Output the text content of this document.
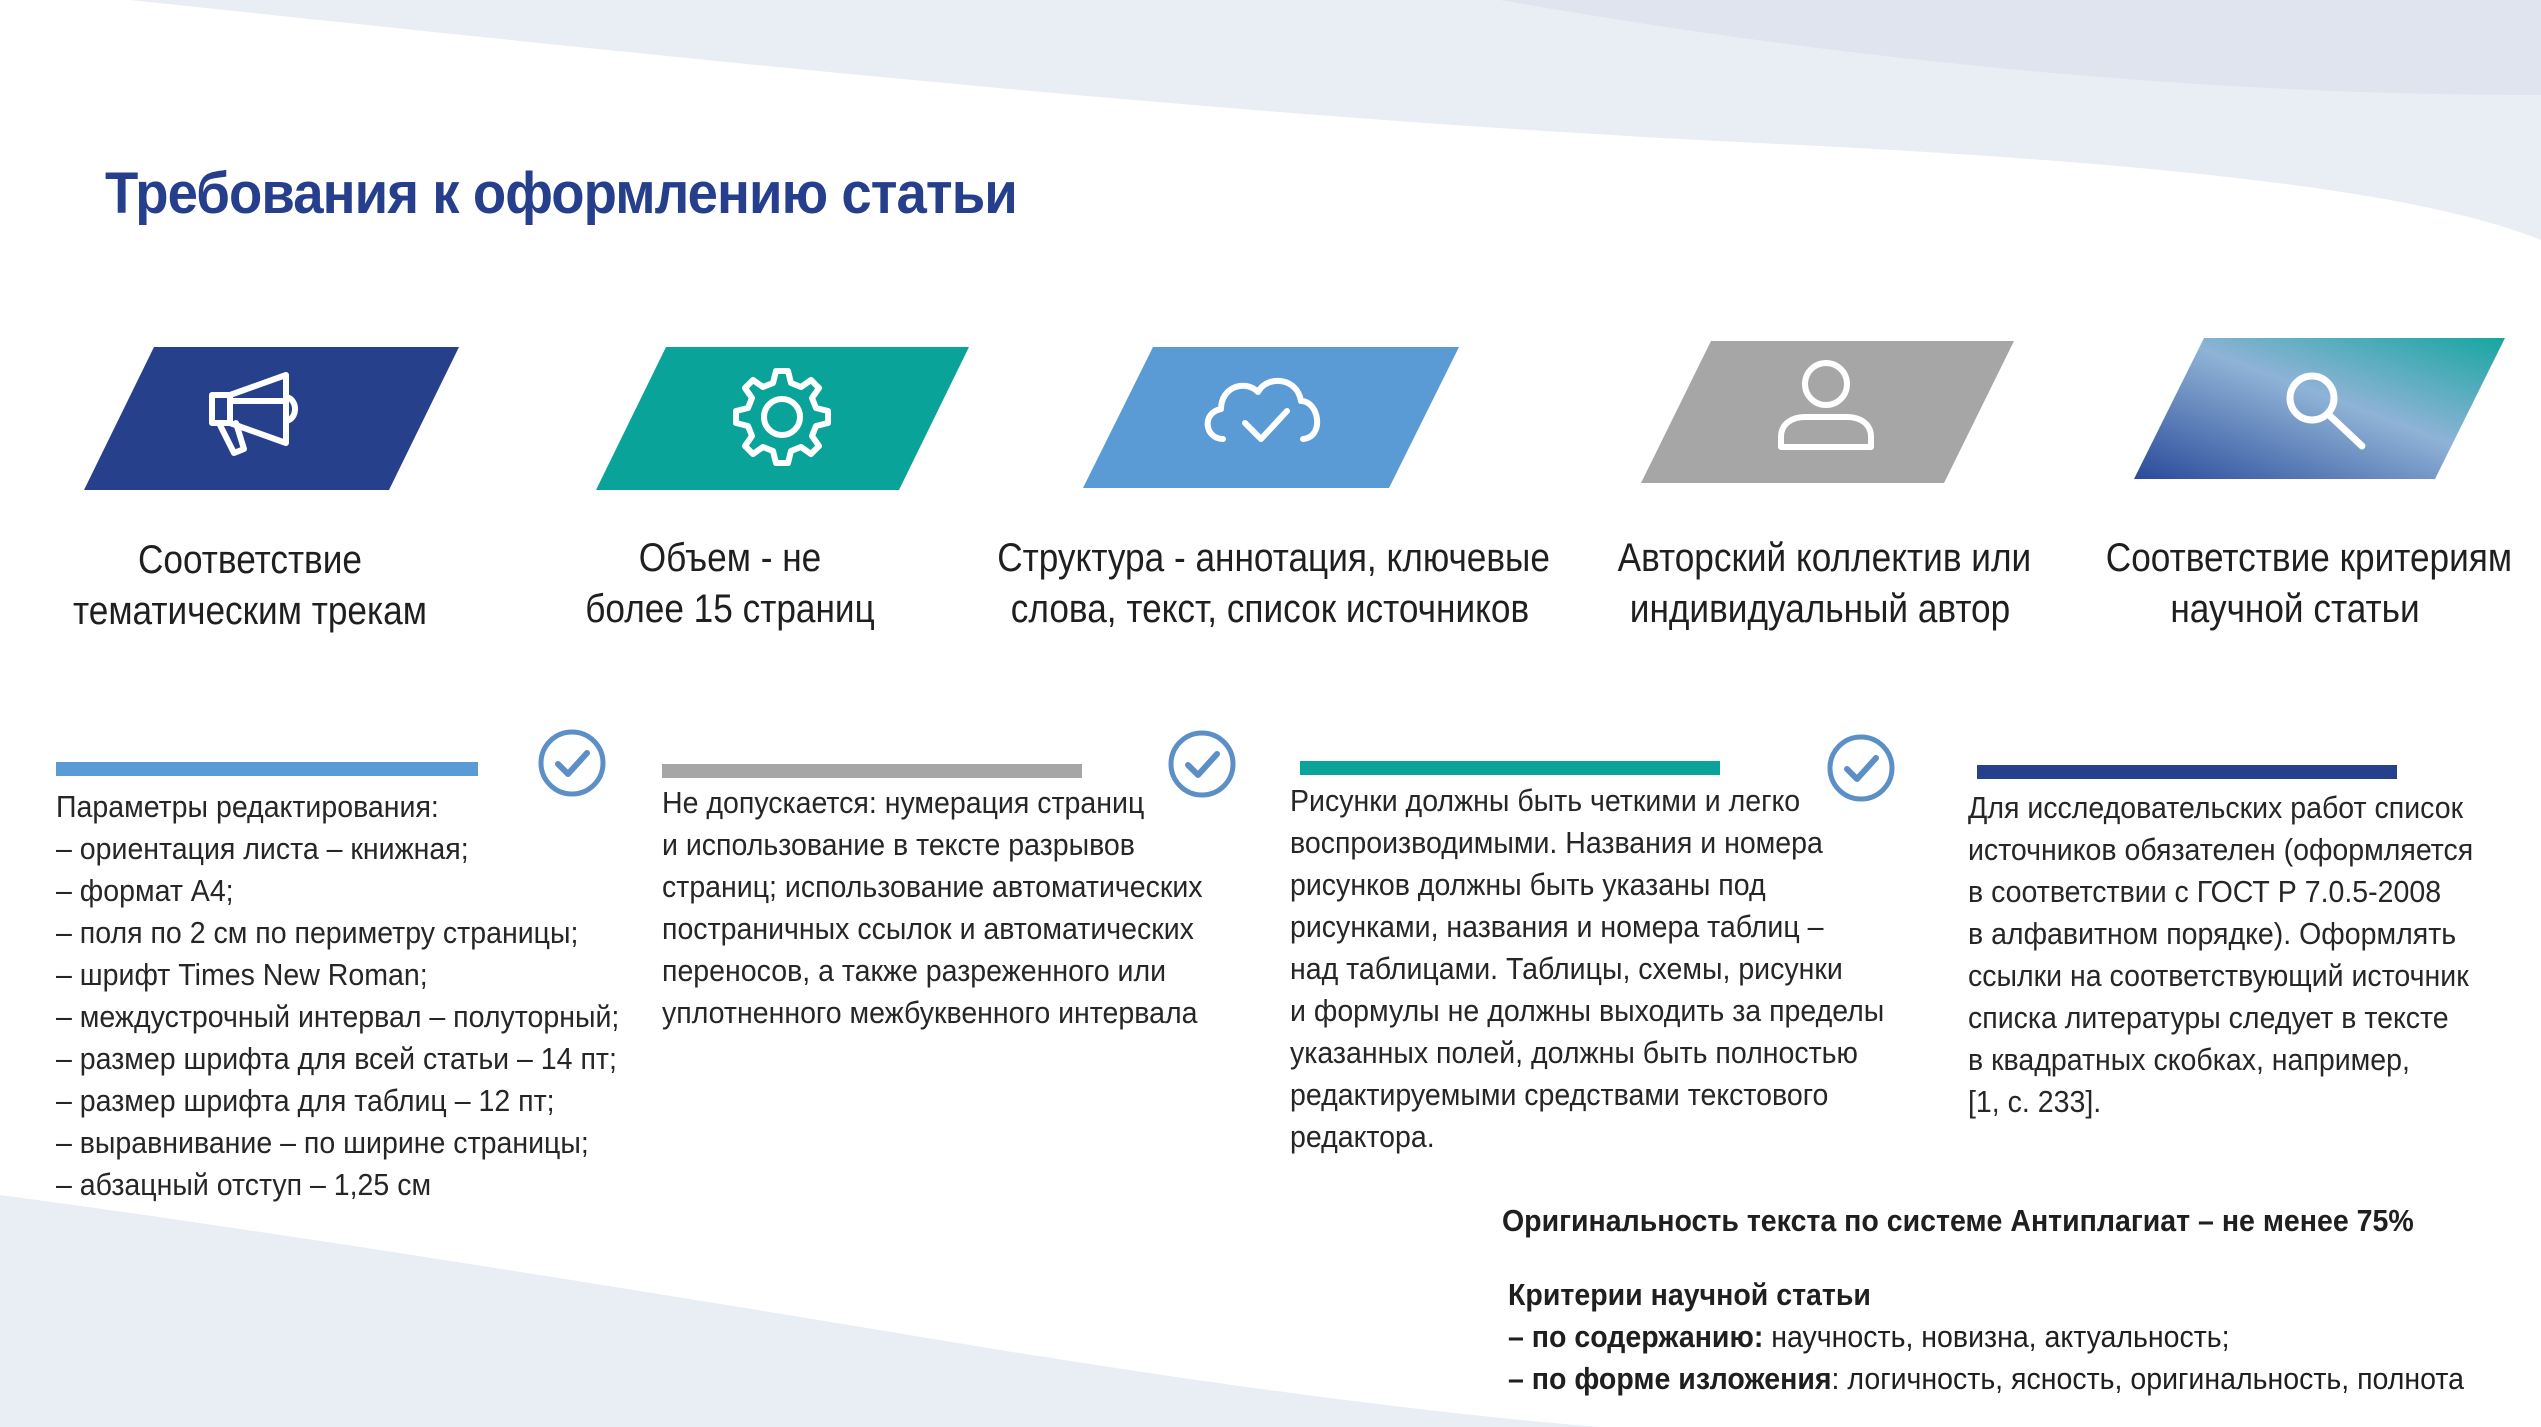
Требования к оформлению статьи
Соответствие
тематическим трекам
Объем - не
более 15 страниц
Структура - аннотация, ключевые
слова, текст, список источников
Авторский коллектив или
индивидуальный автор
Соответствие критериям
научной статьи
Параметры редактирования:
– ориентация листа – книжная;
– формат А4;
– поля по 2 см по периметру страницы;
– шрифт Times New Roman;
– междустрочный интервал – полуторный;
– размер шрифта для всей статьи – 14 пт;
– размер шрифта для таблиц – 12 пт;
– выравнивание – по ширине страницы;
– абзацный отступ – 1,25 см
Не допускается: нумерация страниц
и использование в тексте разрывов
страниц; использование автоматических
постраничных ссылок и автоматических
переносов, а также разреженного или
уплотненного межбуквенного интервала
Рисунки должны быть четкими и легко
воспроизводимыми. Названия и номера
рисунков должны быть указаны под
рисунками, названия и номера таблиц –
над таблицами. Таблицы, схемы, рисунки
и формулы не должны выходить за пределы
указанных полей, должны быть полностью
редактируемыми средствами текстового
редактора.
Для исследовательских работ список
источников обязателен (оформляется
в соответствии с ГОСТ Р 7.0.5-2008
в алфавитном порядке). Оформлять
ссылки на соответствующий источник
списка литературы следует в тексте
в квадратных скобках, например,
[1, с. 233].
Оригинальность текста по системе Антиплагиат – не менее 75%
Критерии научной статьи
– по содержанию: научность, новизна, актуальность;
– по форме изложения: логичность, ясность, оригинальность, полнота
